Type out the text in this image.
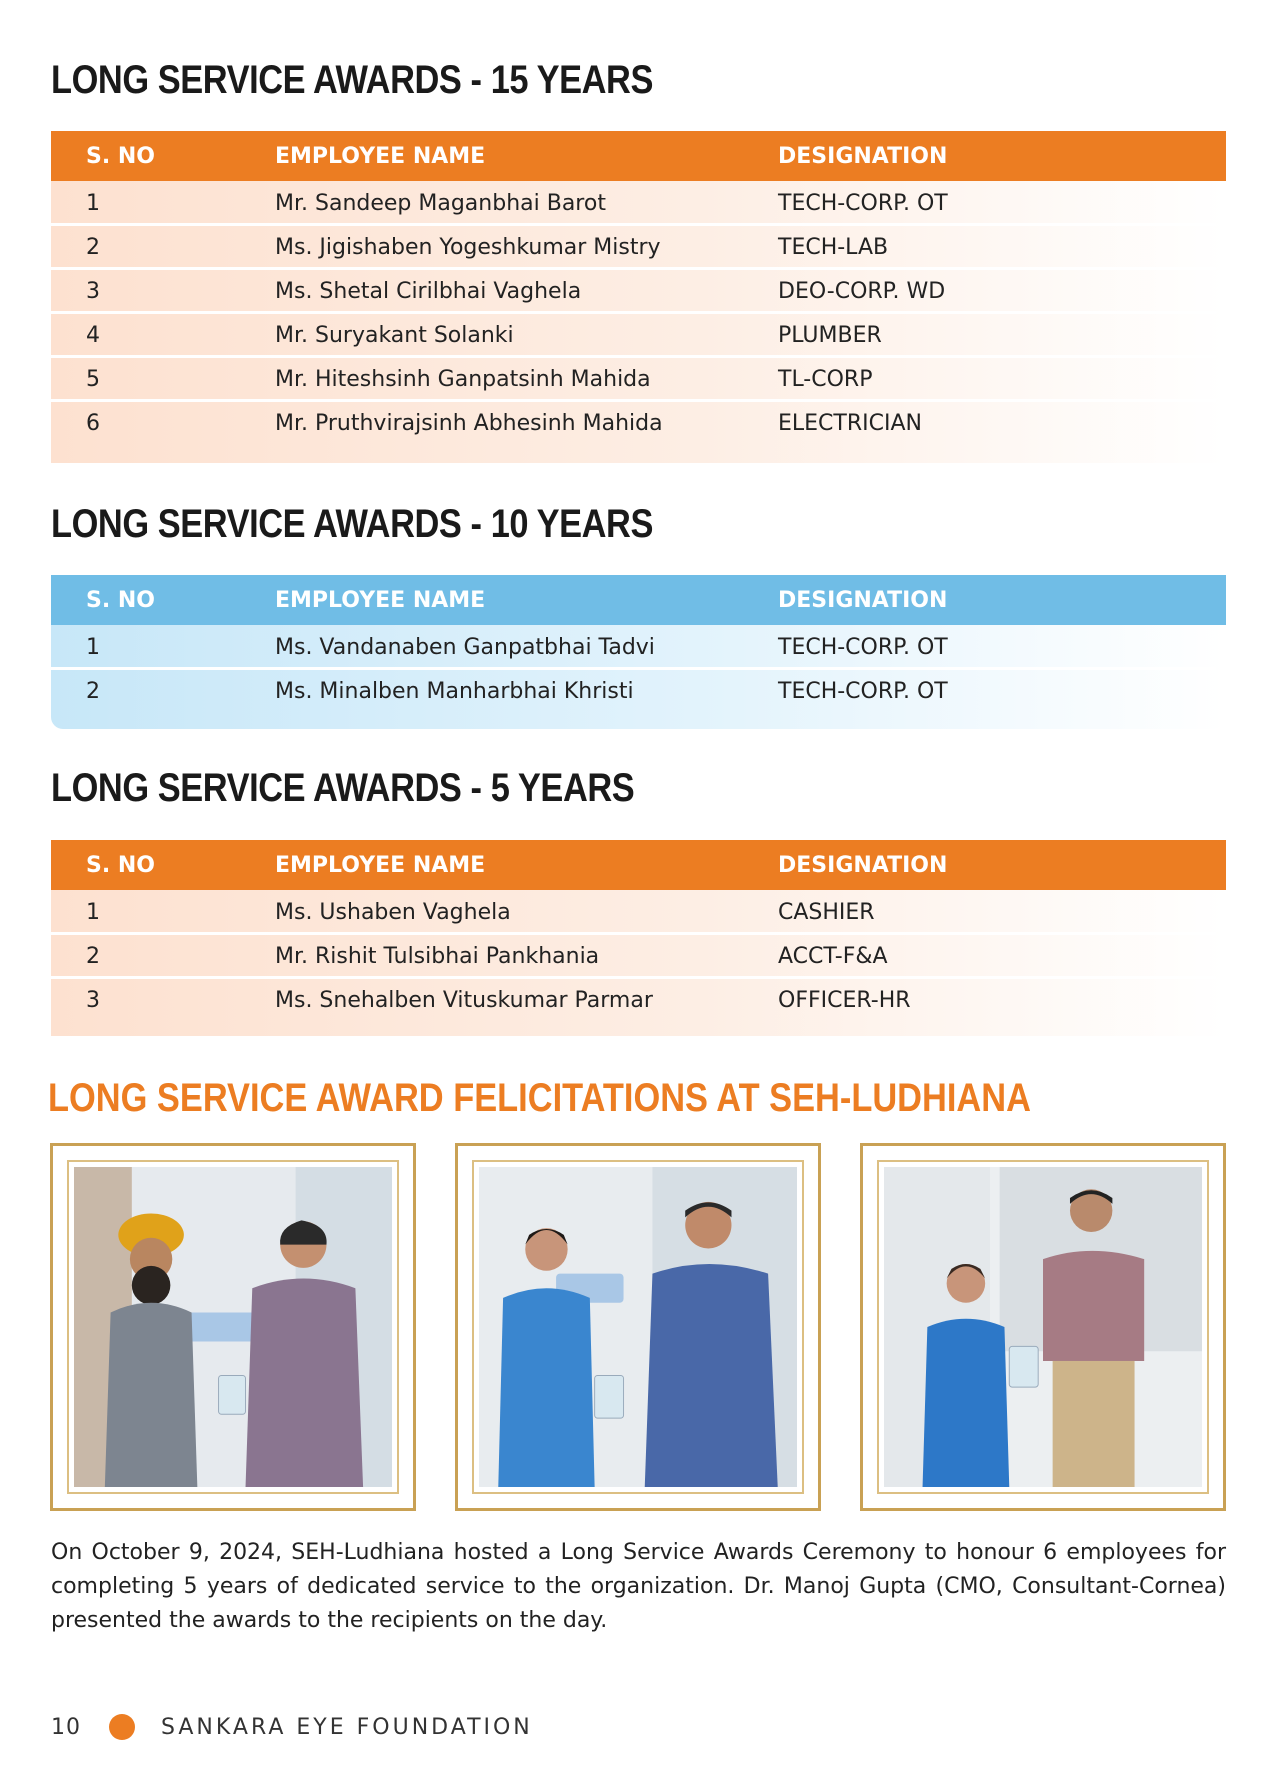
LONG SERVICE AWARDS - 15 YEARS
S. NO	EMPLOYEE NAME	DESIGNATION
1	Mr. Sandeep Maganbhai Barot	TECH-CORP. OT
2	Ms. Jigishaben Yogeshkumar Mistry	TECH-LAB
3	Ms. Shetal Cirilbhai Vaghela	DEO-CORP. WD
4	Mr. Suryakant Solanki	PLUMBER
5	Mr. Hiteshsinh Ganpatsinh Mahida	TL-CORP
6	Mr. Pruthvirajsinh Abhesinh Mahida	ELECTRICIAN
LONG SERVICE AWARDS - 10 YEARS
S. NO	EMPLOYEE NAME	DESIGNATION
1	Ms. Vandanaben Ganpatbhai Tadvi	TECH-CORP. OT
2	Ms. Minalben Manharbhai Khristi	TECH-CORP. OT
LONG SERVICE AWARDS - 5 YEARS
S. NO	EMPLOYEE NAME	DESIGNATION
1	Ms. Ushaben Vaghela	CASHIER
2	Mr. Rishit Tulsibhai Pankhania	ACCT-F&A
3	Ms. Snehalben Vituskumar Parmar	OFFICER-HR
LONG SERVICE AWARD FELICITATIONS AT SEH-LUDHIANA

On October 9, 2024, SEH-Ludhiana hosted a Long Service Awards Ceremony to honour 6 employees for completing 5 years of dedicated service to the organization. Dr. Manoj Gupta (CMO, Consultant-Cornea) presented the awards to the recipients on the day.

10	SANKARA EYE FOUNDATION
